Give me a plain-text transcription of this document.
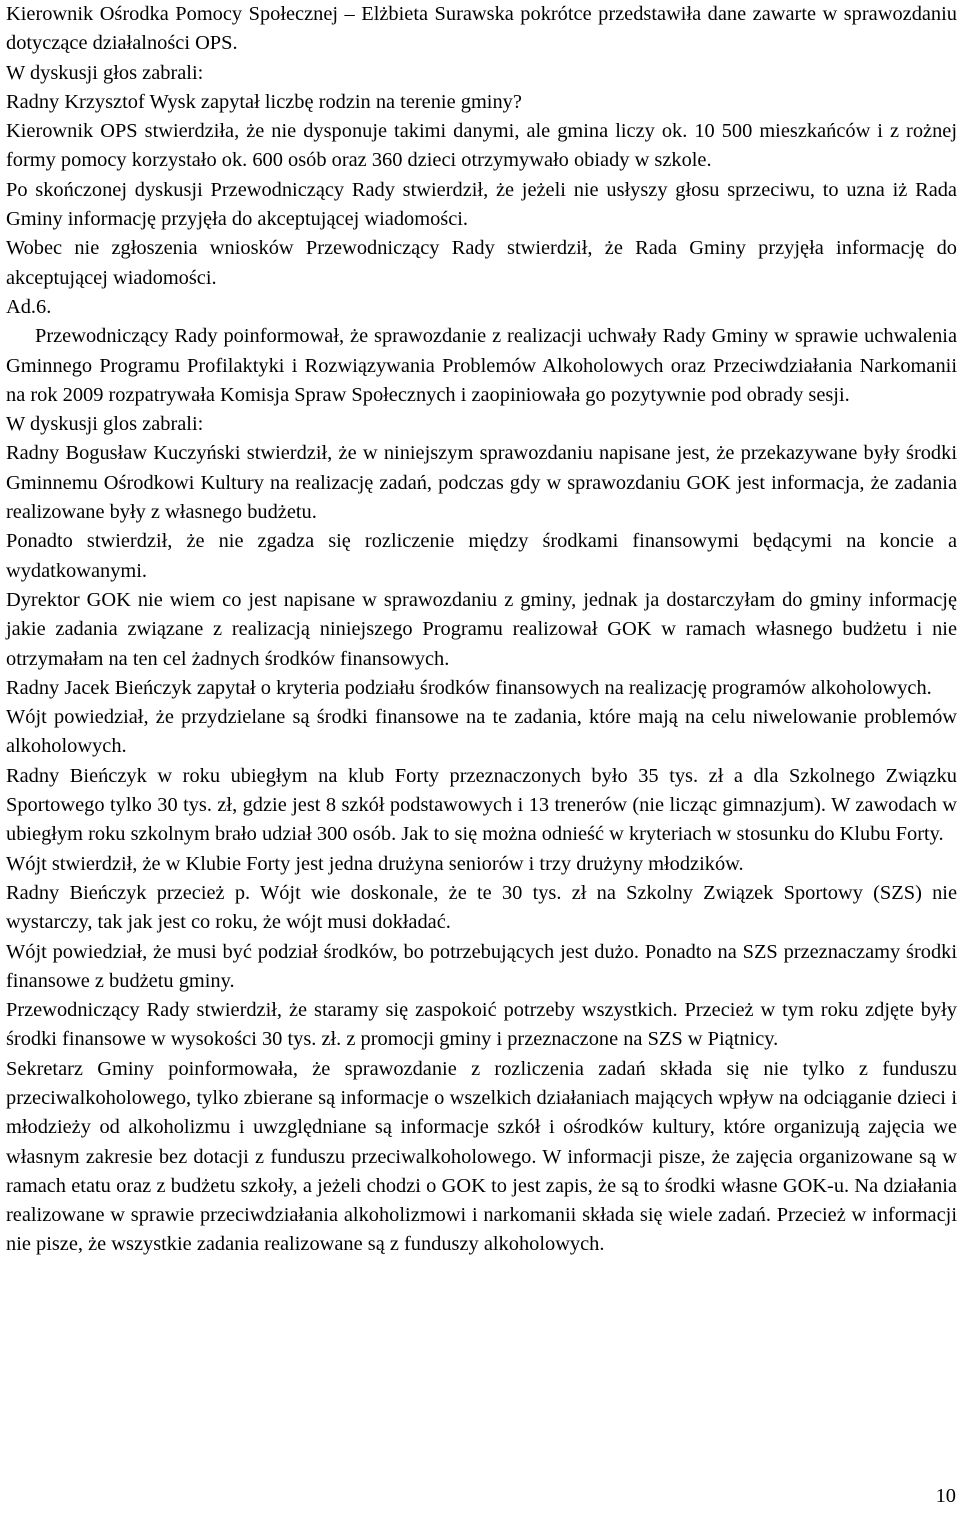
Kierownik Ośrodka Pomocy Społecznej – Elżbieta Surawska pokrótce przedstawiła dane zawarte w sprawozdaniu dotyczące działalności OPS.

W dyskusji głos zabrali:

Radny Krzysztof Wysk zapytał liczbę rodzin na terenie gminy?

Kierownik OPS stwierdziła, że nie dysponuje takimi danymi, ale gmina liczy ok. 10 500 mieszkańców i z rożnej formy pomocy korzystało ok. 600 osób oraz 360 dzieci otrzymywało obiady w szkole.

Po skończonej dyskusji Przewodniczący Rady stwierdził, że jeżeli nie usłyszy głosu sprzeciwu, to uzna iż Rada Gminy informację przyjęła do akceptującej wiadomości.

Wobec nie zgłoszenia wniosków Przewodniczący Rady stwierdził, że Rada Gminy przyjęła informację do akceptującej wiadomości.

Ad.6.

Przewodniczący Rady poinformował, że sprawozdanie z realizacji uchwały Rady Gminy w sprawie uchwalenia Gminnego Programu Profilaktyki i Rozwiązywania Problemów Alkoholowych oraz Przeciwdziałania Narkomanii na rok 2009 rozpatrywała Komisja Spraw Społecznych i zaopiniowała go pozytywnie pod obrady sesji.

W dyskusji glos zabrali:

Radny Bogusław Kuczyński stwierdził, że w niniejszym sprawozdaniu napisane jest, że przekazywane były środki Gminnemu Ośrodkowi Kultury na realizację zadań, podczas gdy w sprawozdaniu GOK jest informacja, że zadania realizowane były z własnego budżetu.

Ponadto stwierdził, że nie zgadza się rozliczenie między środkami finansowymi będącymi na koncie a wydatkowanymi.

Dyrektor GOK nie wiem co jest napisane w sprawozdaniu z gminy, jednak ja dostarczyłam do gminy informację jakie zadania związane z realizacją niniejszego Programu realizował GOK w ramach własnego budżetu i nie otrzymałam na ten cel żadnych środków finansowych.

Radny Jacek Bieńczyk zapytał o kryteria podziału środków finansowych na realizację programów alkoholowych.

Wójt powiedział, że przydzielane są środki finansowe na te zadania, które mają na celu niwelowanie problemów alkoholowych.

Radny Bieńczyk w roku ubiegłym na klub Forty przeznaczonych było 35 tys. zł a dla Szkolnego Związku Sportowego tylko 30 tys. zł, gdzie jest 8 szkół podstawowych i 13 trenerów (nie licząc gimnazjum). W zawodach w ubiegłym roku szkolnym brało udział 300 osób. Jak to się można odnieść w kryteriach w stosunku do Klubu Forty.

Wójt stwierdził, że w Klubie Forty jest jedna drużyna seniorów i trzy drużyny młodzików.

Radny Bieńczyk przecież p. Wójt wie doskonale, że te 30 tys. zł na Szkolny Związek Sportowy (SZS) nie wystarczy, tak jak jest co roku, że wójt musi dokładać.

Wójt powiedział, że musi być podział środków, bo potrzebujących jest dużo. Ponadto na SZS przeznaczamy środki finansowe z budżetu gminy.

Przewodniczący Rady stwierdził, że staramy się zaspokoić potrzeby wszystkich. Przecież w tym roku zdjęte były środki finansowe w wysokości 30 tys. zł. z promocji gminy i przeznaczone na SZS w Piątnicy.

Sekretarz Gminy poinformowała, że sprawozdanie z rozliczenia zadań składa się nie tylko z funduszu przeciwalkoholowego, tylko zbierane są informacje o wszelkich działaniach mających wpływ na odciąganie dzieci i młodzieży od alkoholizmu i uwzględniane są informacje szkół i ośrodków kultury, które organizują zajęcia we własnym zakresie bez dotacji z funduszu przeciwalkoholowego. W informacji pisze, że zajęcia organizowane są w ramach etatu oraz z budżetu szkoły, a jeżeli chodzi o GOK to jest zapis, że są to środki własne GOK-u. Na działania realizowane w sprawie przeciwdziałania alkoholizmowi i narkomanii składa się wiele zadań. Przecież w informacji nie pisze, że wszystkie zadania realizowane są z funduszy alkoholowych.

10
